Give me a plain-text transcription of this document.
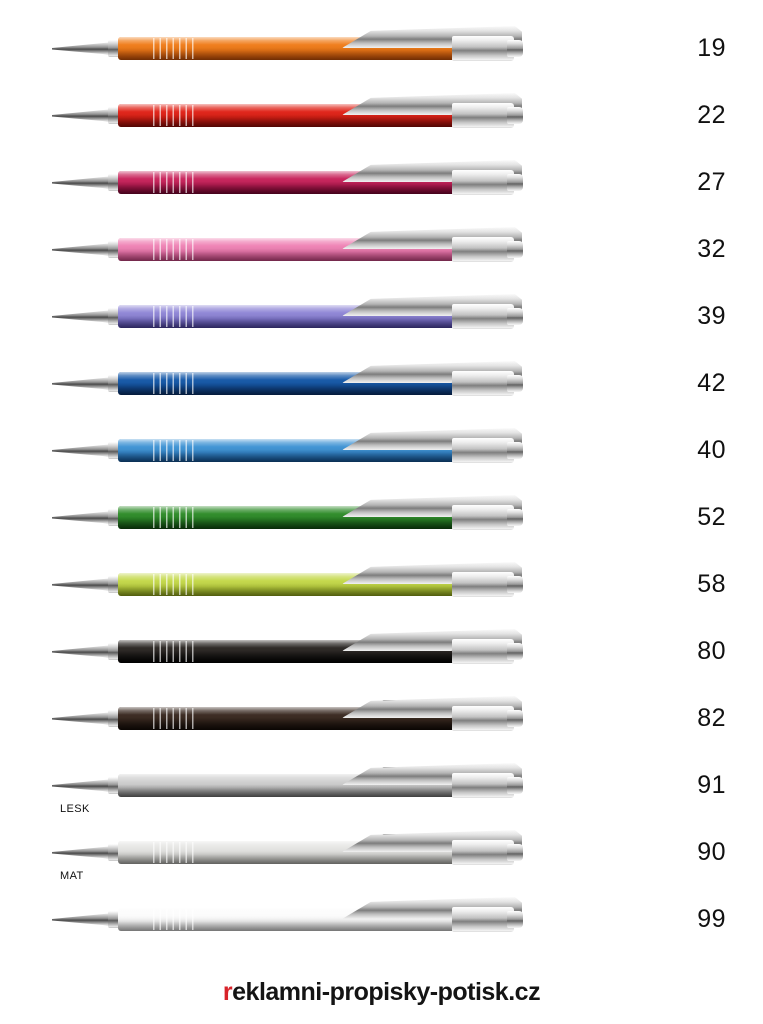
19
22
27
32
39
42
40
52
58
80
82
91
LESK
90
MAT
99
reklamni-propisky-potisk.cz
